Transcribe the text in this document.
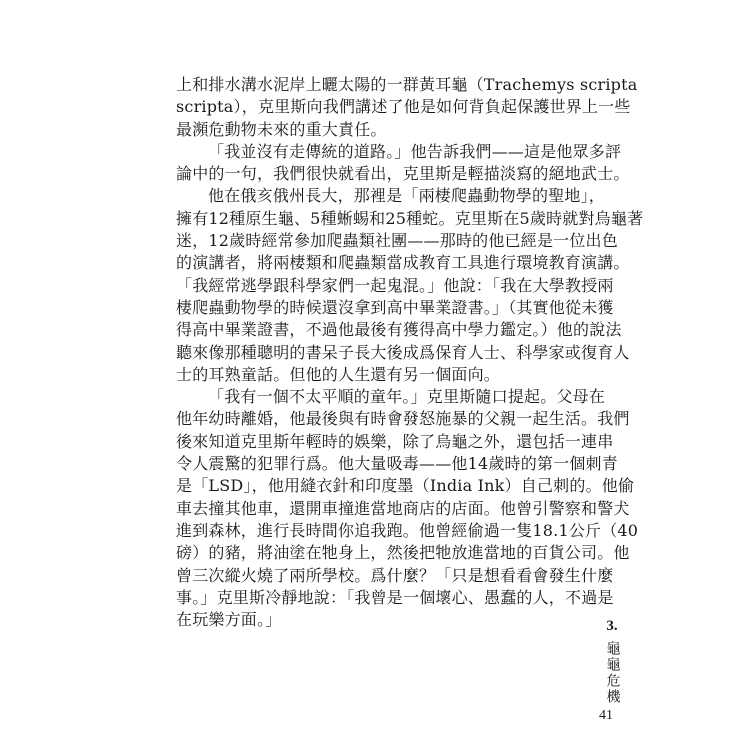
上和排水溝水泥岸上曬太陽的一群黃耳龜（Trachemys scripta
scripta），克里斯向我們講述了他是如何背負起保護世界上一些
最瀕危動物未來的重大責任。
「我並沒有走傳統的道路。」他告訴我們——這是他眾多評
論中的一句，我們很快就看出，克里斯是輕描淡寫的絕地武士。
他在俄亥俄州長大，那裡是「兩棲爬蟲動物學的聖地」，
擁有12種原生龜、5種蜥蜴和25種蛇。克里斯在5歲時就對烏龜著
迷，12歲時經常參加爬蟲類社團——那時的他已經是一位出色
的演講者，將兩棲類和爬蟲類當成教育工具進行環境教育演講。
「我經常逃學跟科學家們一起鬼混。」他說：「我在大學教授兩
棲爬蟲動物學的時候還沒拿到高中畢業證書。」（其實他從未獲
得高中畢業證書，不過他最後有獲得高中學力鑑定。）他的說法
聽來像那種聰明的書呆子長大後成爲保育人士、科學家或復育人
士的耳熟童話。但他的人生還有另一個面向。
「我有一個不太平順的童年。」克里斯隨口提起。父母在
他年幼時離婚，他最後與有時會發怒施暴的父親一起生活。我們
後來知道克里斯年輕時的娛樂，除了烏龜之外，還包括一連串
令人震驚的犯罪行爲。他大量吸毒——他14歲時的第一個刺青
是「LSD」，他用縫衣針和印度墨（India Ink）自己刺的。他偷
車去撞其他車，還開車撞進當地商店的店面。他曾引警察和警犬
進到森林，進行長時間你追我跑。他曾經偷過一隻18.1公斤（40
磅）的豬，將油塗在牠身上，然後把牠放進當地的百貨公司。他
曾三次縱火燒了兩所學校。爲什麼？「只是想看看會發生什麼
事。」克里斯冷靜地說：「我曾是一個壞心、愚蠢的人，不過是
在玩樂方面。」	3.
龜龜危機
41
